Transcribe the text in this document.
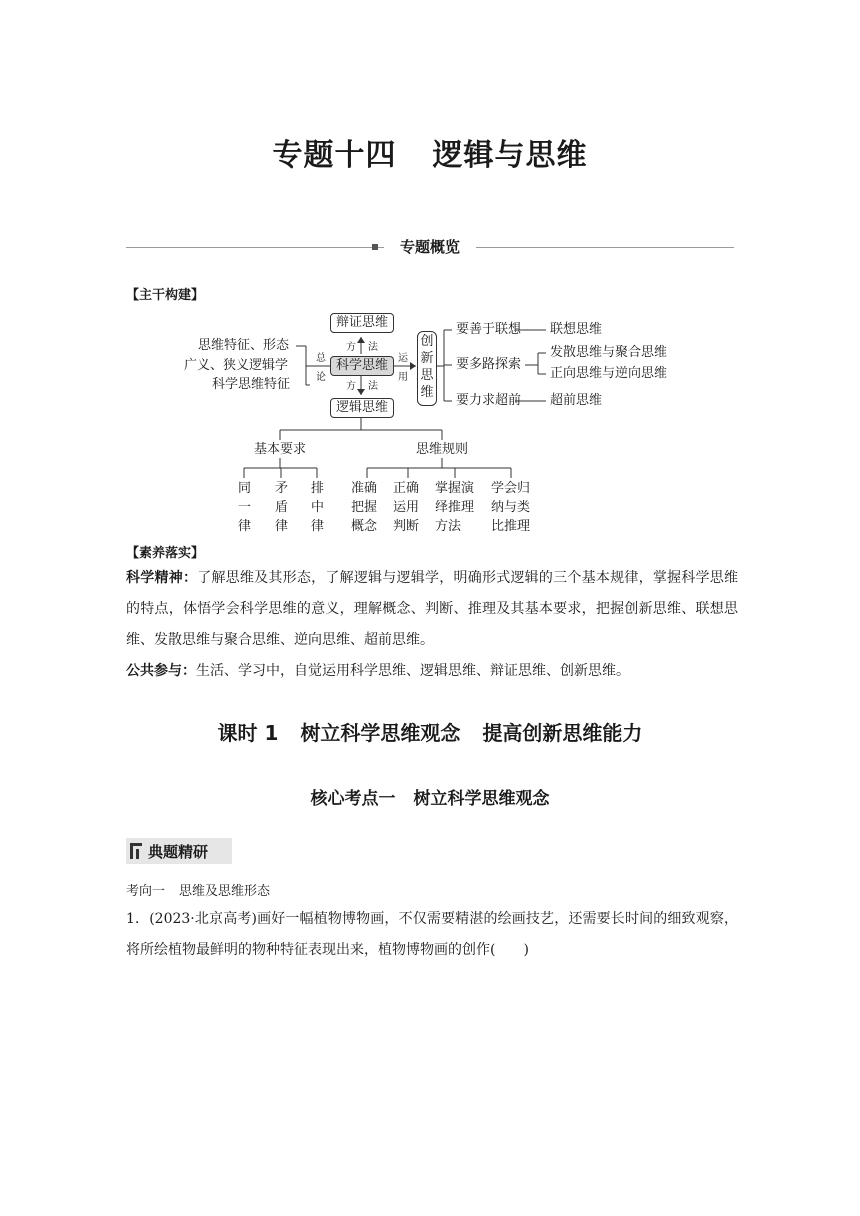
专题十四 逻辑与思维
专题概览
【主干构建】
思维特征、形态
广义、狭义逻辑学
科学思维特征
总
论
辩证思维
科学思维
逻辑思维
方 法
方 法
运
用
创
新
思
维
要善于联想 联想思维
要多路探索
发散思维与聚合思维
正向思维与逆向思维
要力求超前 超前思维
基本要求	思维规则
同
一
律
矛
盾
律
排
中
律
准确
把握
概念
正确
运用
判断
掌握演
绎推理
方法
学会归
纳与类
比推理
【素养落实】
科学精神：了解思维及其形态，了解逻辑与逻辑学，明确形式逻辑的三个基本规律，掌握科学思维的特点，体悟学会科学思维的意义，理解概念、判断、推理及其基本要求，把握创新思维、联想思维、发散思维与聚合思维、逆向思维、超前思维。
公共参与：生活、学习中，自觉运用科学思维、逻辑思维、辩证思维、创新思维。
课时 1 树立科学思维观念 提高创新思维能力
核心考点一 树立科学思维观念
典题精研
考向一 思维及思维形态
1．(2023·北京高考)画好一幅植物博物画，不仅需要精湛的绘画技艺，还需要长时间的细致观察，将所绘植物最鲜明的物种特征表现出来，植物博物画的创作(　　)
